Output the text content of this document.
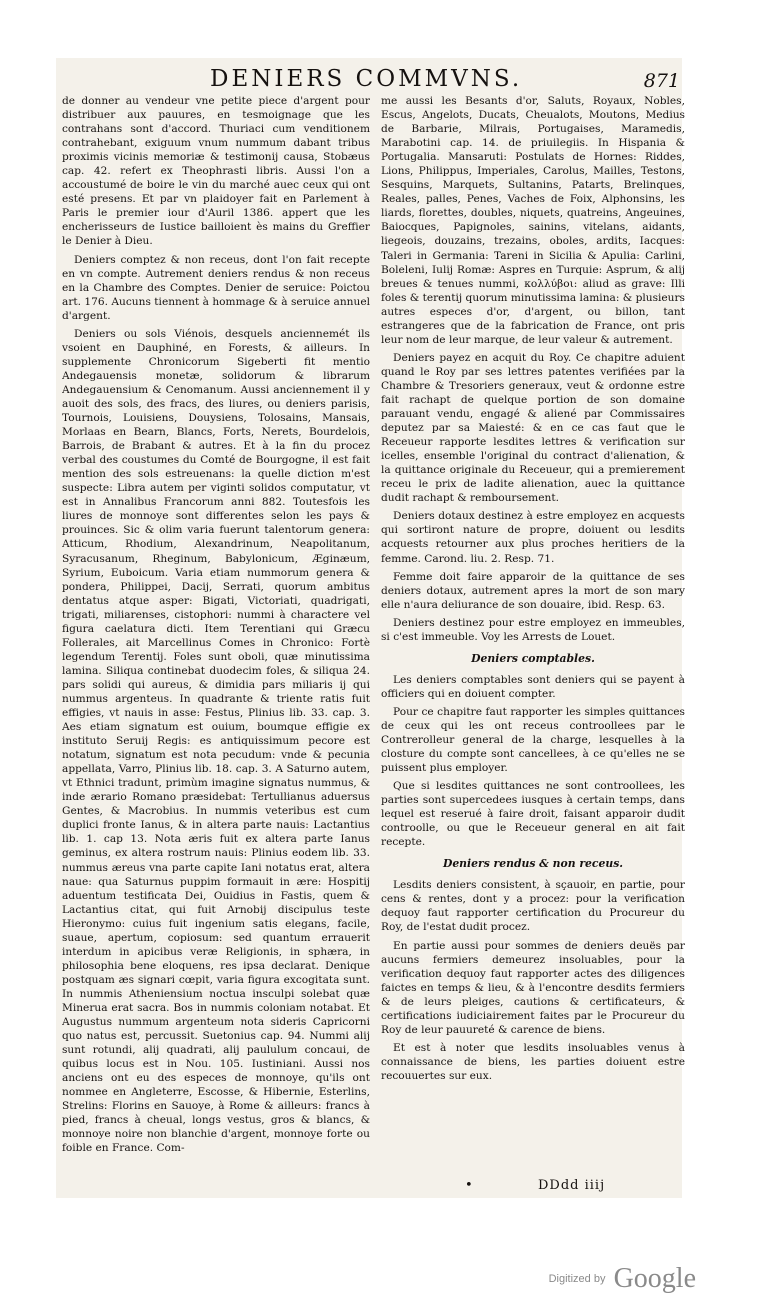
DENIERS COMMVNS.	871

de donner au vendeur vne petite piece d'argent pour distribuer aux pauures, en tesmoignage que les contrahans sont d'accord. Thuriaci cum venditionem contrahebant, exiguum vnum nummum dabant tribus proximis vicinis memoriæ & testimonij causa, Stobæus cap. 42. refert ex Theophrasti libris. Aussi l'on a accoustumé de boire le vin du marché auec ceux qui ont esté presens. Et par vn plaidoyer fait en Parlement à Paris le premier iour d'Auril 1386. appert que les encherisseurs de Iustice bailloient ès mains du Greffier le Denier à Dieu.

Deniers comptez & non receus, dont l'on fait recepte en vn compte. Autrement deniers rendus & non receus en la Chambre des Comptes. Denier de seruice: Poictou art. 176. Aucuns tiennent à hommage & à seruice annuel d'argent.

Deniers ou sols Viénois, desquels anciennemét ils vsoient en Dauphiné, en Forests, & ailleurs. In supplemente Chronicorum Sigeberti fit mentio Andegauensis monetæ, solidorum & librarum Andegauensium & Cenomanum. Aussi anciennement il y auoit des sols, des fracs, des liures, ou deniers parisis, Tournois, Louisiens, Douysiens, Tolosains, Mansais, Morlaas en Bearn, Blancs, Forts, Nerets, Bourdelois, Barrois, de Brabant & autres. Et à la fin du procez verbal des coustumes du Comté de Bourgogne, il est fait mention des sols estreuenans: la quelle diction m'est suspecte: Libra autem per viginti solidos computatur, vt est in Annalibus Francorum anni 882. Toutesfois les liures de monnoye sont differentes selon les pays & prouinces. Sic & olim varia fuerunt talentorum genera: Atticum, Rhodium, Alexandrinum, Neapolitanum, Syracusanum, Rheginum, Babylonicum, Æginæum, Syrium, Euboicum. Varia etiam nummorum genera & pondera, Philippei, Dacij, Serrati, quorum ambitus dentatus atque asper: Bigati, Victoriati, quadrigati, trigati, miliarenses, cistophori: nummi à charactere vel figura caelatura dicti. Item Terentiani qui Græcu Follerales, ait Marcellinus Comes in Chronico: Fortè legendum Terentij. Foles sunt oboli, quæ minutissima lamina. Siliqua continebat duodecim foles, & siliqua 24. pars solidi qui aureus, & dimidia pars miliaris ij qui nummus argenteus. In quadrante & triente ratis fuit effigies, vt nauis in asse: Festus, Plinius lib. 33. cap. 3. Aes etiam signatum est ouium, boumque effigie ex instituto Seruij Regis: es antiquissimum pecore est notatum, signatum est nota pecudum: vnde & pecunia appellata, Varro, Plinius lib. 18. cap. 3. A Saturno autem, vt Ethnici tradunt, primùm imagine signatus nummus, & inde ærario Romano præsidebat: Tertullianus aduersus Gentes, & Macrobius. In nummis veteribus est cum duplici fronte Ianus, & in altera parte nauis: Lactantius lib. 1. cap 13. Nota æris fuit ex altera parte Ianus geminus, ex altera rostrum nauis: Plinius eodem lib. 33. nummus æreus vna parte capite Iani notatus erat, altera naue: qua Saturnus puppim formauit in ære: Hospitij aduentum testificata Dei, Ouidius in Fastis, quem & Lactantius citat, qui fuit Arnobij discipulus teste Hieronymo: cuius fuit ingenium satis elegans, facile, suaue, apertum, copiosum: sed quantum errauerit interdum in apicibus veræ Religionis, in sphæra, in philosophia bene eloquens, res ipsa declarat. Denique postquam æs signari cœpit, varia figura excogitata sunt. In nummis Atheniensium noctua insculpi solebat quæ Minerua erat sacra. Bos in nummis coloniam notabat. Et Augustus nummum argenteum nota sideris Capricorni quo natus est, percussit. Suetonius cap. 94. Nummi alij sunt rotundi, alij quadrati, alij paululum concaui, de quibus locus est in Nou. 105. Iustiniani. Aussi nos anciens ont eu des especes de monnoye, qu'ils ont nommee en Angleterre, Escosse, & Hibernie, Esterlins, Strelins: Florins en Sauoye, à Rome & ailleurs: francs à pied, francs à cheual, longs vestus, gros & blancs, & monnoye noire non blanchie d'argent, monnoye forte ou foible en France. Com-

me aussi les Besants d'or, Saluts, Royaux, Nobles, Escus, Angelots, Ducats, Cheualots, Moutons, Medius de Barbarie, Milrais, Portugaises, Maramedis, Marabotini cap. 14. de priuilegiis. In Hispania & Portugalia. Mansaruti: Postulats de Hornes: Riddes, Lions, Philippus, Imperiales, Carolus, Mailles, Testons, Sesquins, Marquets, Sultanins, Patarts, Brelinques, Reales, palles, Penes, Vaches de Foix, Alphonsins, les liards, florettes, doubles, niquets, quatreins, Angeuines, Baiocques, Papignoles, sainins, vitelans, aidants, liegeois, douzains, trezains, oboles, ardits, Iacques: Taleri in Germania: Tareni in Sicilia & Apulia: Carlini, Boleleni, Iulij Romæ: Aspres en Turquie: Asprum, & alij breues & tenues nummi, κολλύβοι: aliud as grave: Illi foles & terentij quorum minutissima lamina: & plusieurs autres especes d'or, d'argent, ou billon, tant estrangeres que de la fabrication de France, ont pris leur nom de leur marque, de leur valeur & autrement.

Deniers payez en acquit du Roy. Ce chapitre aduient quand le Roy par ses lettres patentes verifiées par la Chambre & Tresoriers generaux, veut & ordonne estre fait rachapt de quelque portion de son domaine parauant vendu, engagé & aliené par Commissaires deputez par sa Maiesté: & en ce cas faut que le Receueur rapporte lesdites lettres & verification sur icelles, ensemble l'original du contract d'alienation, & la quittance originale du Receueur, qui a premierement receu le prix de ladite alienation, auec la quittance dudit rachapt & remboursement.

Deniers dotaux destinez à estre employez en acquests qui sortiront nature de propre, doiuent ou lesdits acquests retourner aux plus proches heritiers de la femme. Carond. liu. 2. Resp. 71.

Femme doit faire apparoir de la quittance de ses deniers dotaux, autrement apres la mort de son mary elle n'aura deliurance de son douaire, ibid. Resp. 63.

Deniers destinez pour estre employez en immeubles, si c'est immeuble. Voy les Arrests de Louet.

Deniers comptables.

Les deniers comptables sont deniers qui se payent à officiers qui en doiuent compter.

Pour ce chapitre faut rapporter les simples quittances de ceux qui les ont receus controollees par le Contrerolleur general de la charge, lesquelles à la closture du compte sont cancellees, à ce qu'elles ne se puissent plus employer.

Que si lesdites quittances ne sont controollees, les parties sont supercedees iusques à certain temps, dans lequel est reserué à faire droit, faisant apparoir dudit controolle, ou que le Receueur general en ait fait recepte.

Deniers rendus & non receus.

Lesdits deniers consistent, à sçauoir, en partie, pour cens & rentes, dont y a procez: pour la verification dequoy faut rapporter certification du Procureur du Roy, de l'estat dudit procez.

En partie aussi pour sommes de deniers deuës par aucuns fermiers demeurez insoluables, pour la verification dequoy faut rapporter actes des diligences faictes en temps & lieu, & à l'encontre desdits fermiers & de leurs pleiges, cautions & certificateurs, & certifications iudiciairement faites par le Procureur du Roy de leur pauureté & carence de biens.

Et est à noter que lesdits insoluables venus à connaissance de biens, les parties doiuent estre recouuertes sur eux.

•	DDdd iiij
Digitized by Google
